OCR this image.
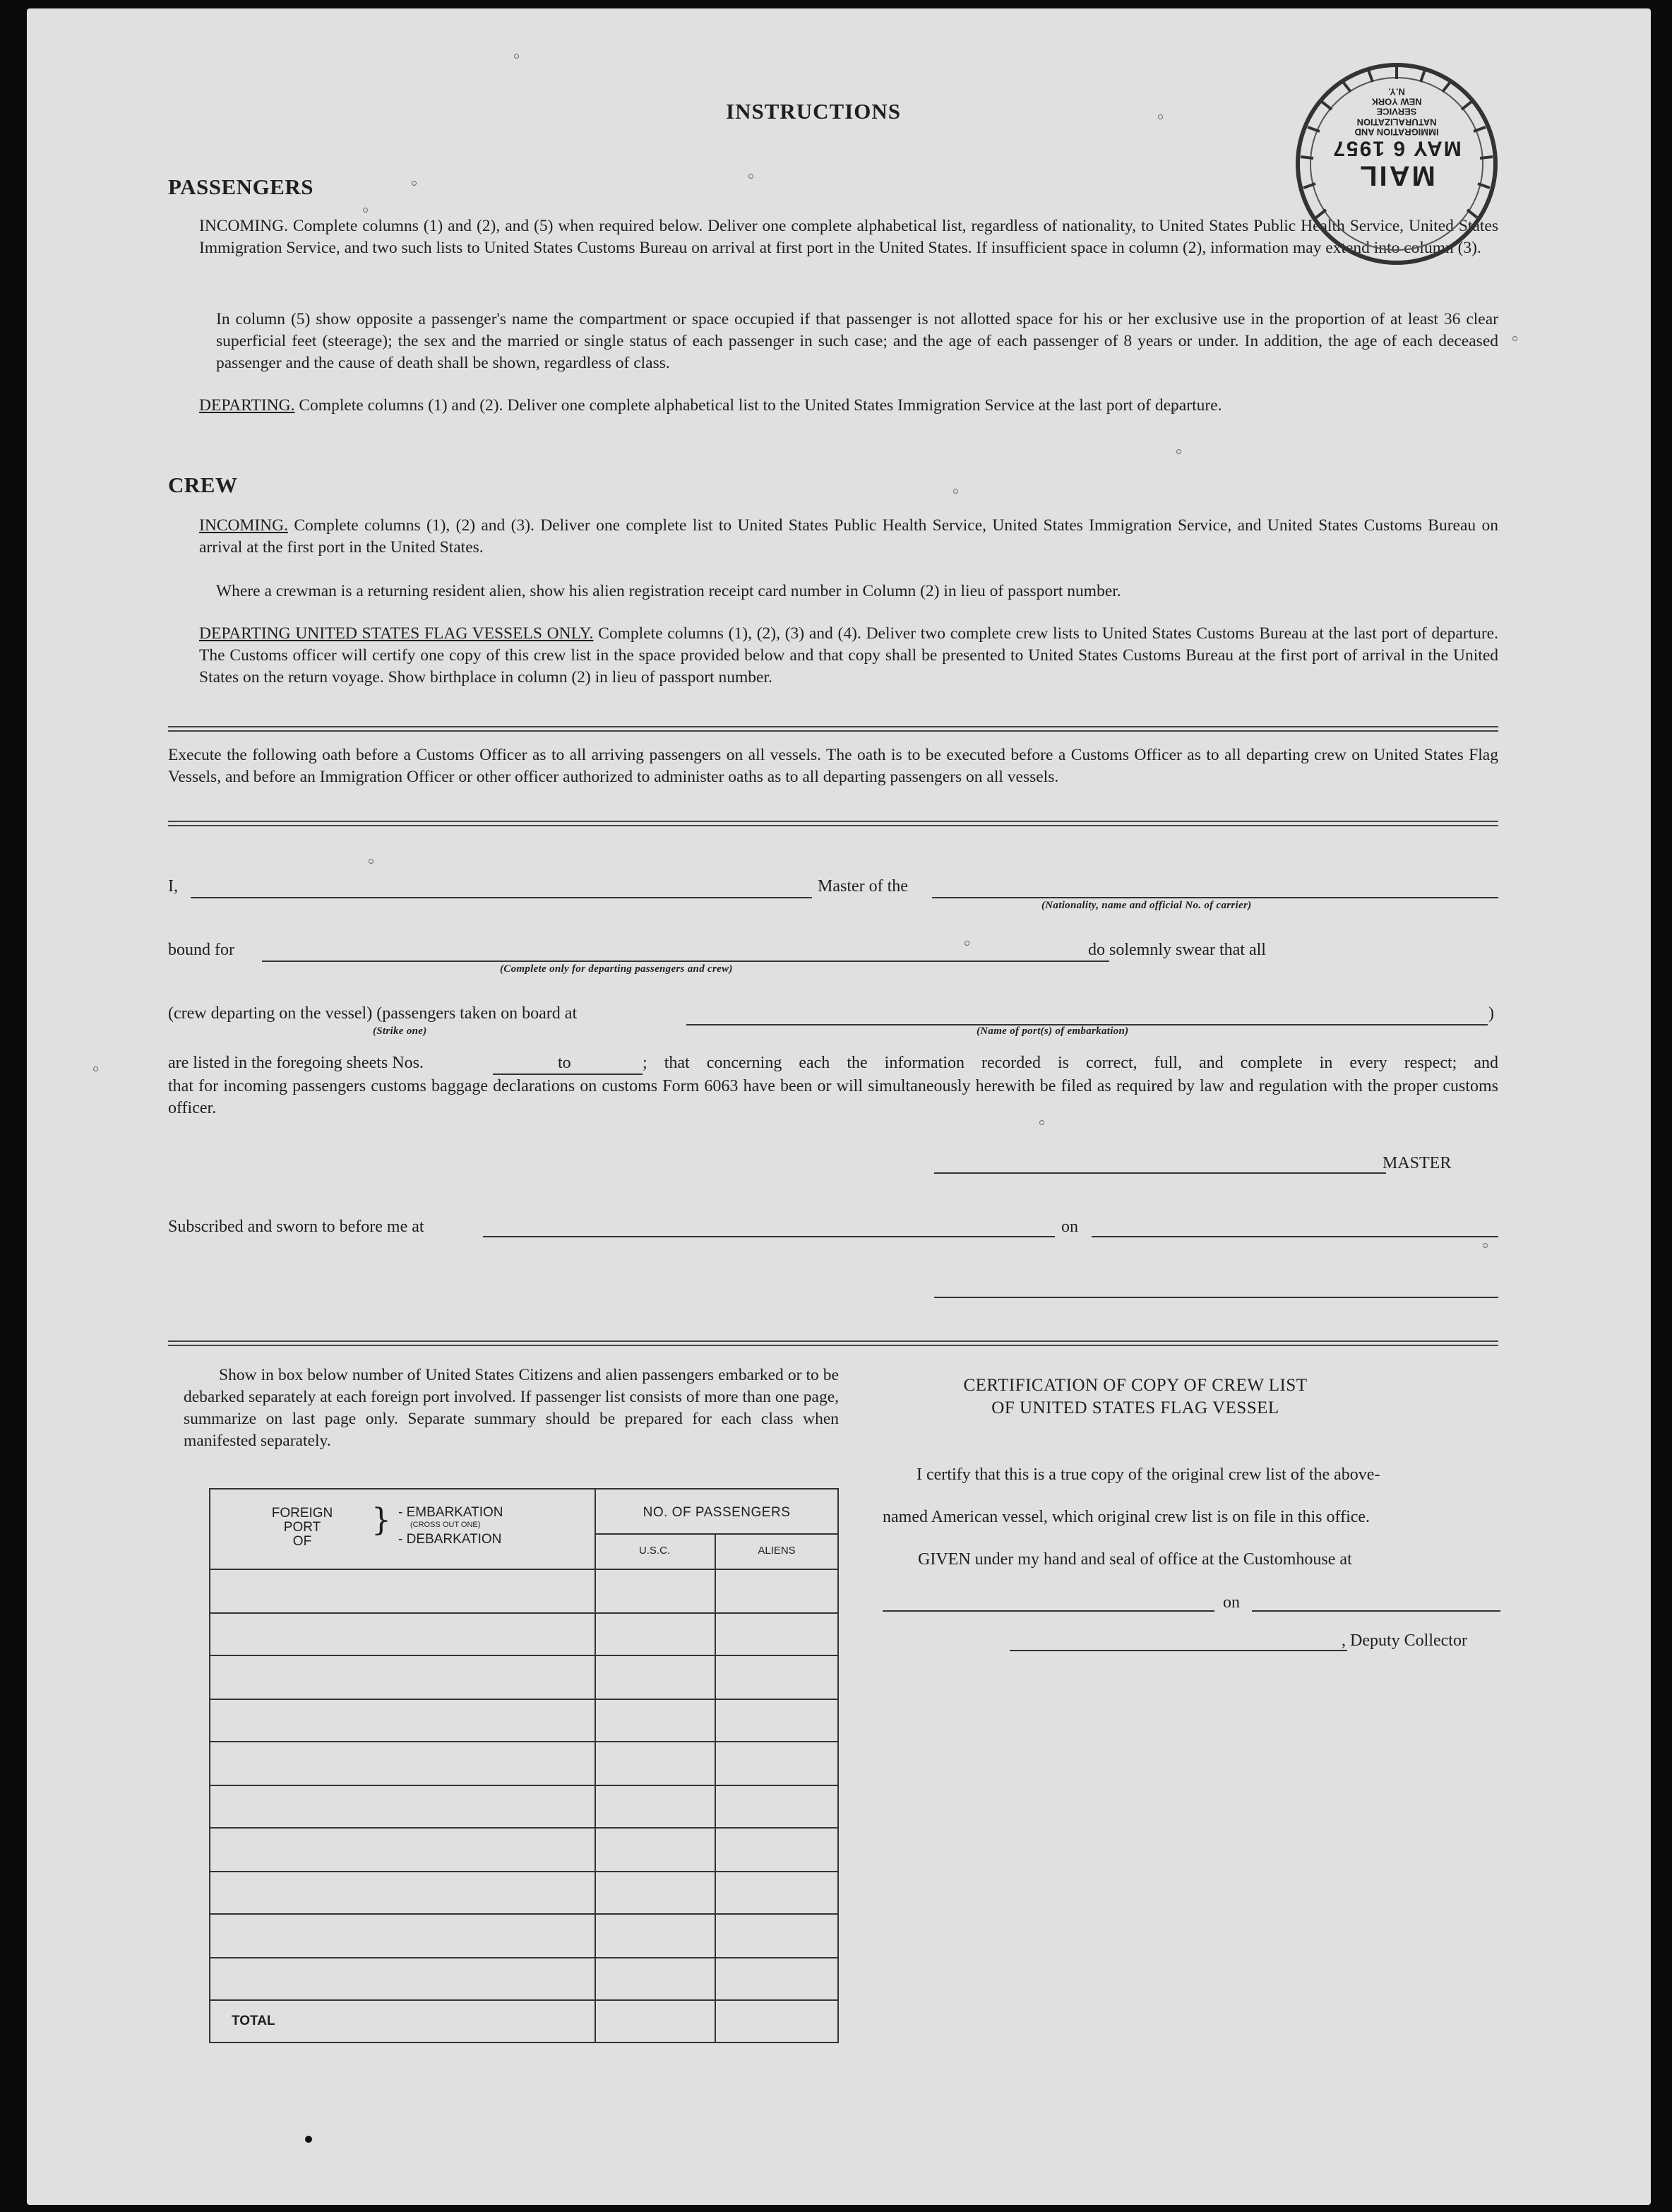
INSTRUCTIONS
PASSENGERS
INCOMING. Complete columns (1) and (2), and (5) when required below. Deliver one complete alphabetical list, regardless of nationality, to United States Public Health Service, United States Immigration Service, and two such lists to United States Customs Bureau on arrival at first port in the United States. If insufficient space in column (2), information may extend into column (3).
In column (5) show opposite a passenger's name the compartment or space occupied if that passenger is not allotted space for his or her exclusive use in the proportion of at least 36 clear superficial feet (steerage); the sex and the married or single status of each passenger in such case; and the age of each passenger of 8 years or under. In addition, the age of each deceased passenger and the cause of death shall be shown, regardless of class.
DEPARTING. Complete columns (1) and (2). Deliver one complete alphabetical list to the United States Immigration Service at the last port of departure.
CREW
INCOMING. Complete columns (1), (2) and (3). Deliver one complete list to United States Public Health Service, United States Immigration Service, and United States Customs Bureau on arrival at the first port in the United States.
Where a crewman is a returning resident alien, show his alien registration receipt card number in Column (2) in lieu of passport number.
DEPARTING UNITED STATES FLAG VESSELS ONLY. Complete columns (1), (2), (3) and (4). Deliver two complete crew lists to United States Customs Bureau at the last port of departure. The Customs officer will certify one copy of this crew list in the space provided below and that copy shall be presented to United States Customs Bureau at the first port of arrival in the United States on the return voyage. Show birthplace in column (2) in lieu of passport number.
Execute the following oath before a Customs Officer as to all arriving passengers on all vessels. The oath is to be executed before a Customs Officer as to all departing crew on United States Flag Vessels, and before an Immigration Officer or other officer authorized to administer oaths as to all departing passengers on all vessels.
I,	Master of the
(Nationality, name and official No. of carrier)
bound for
(Complete only for departing passengers and crew)
do solemnly swear that all
(crew departing on the vessel) (passengers taken on board at	)
(Strike one)	(Name of port(s) of embarkation)
are listed in the foregoing sheets Nos.	to	; that concerning each the information recorded is correct, full, and complete in every respect; and
that for incoming passengers customs baggage declarations on customs Form 6063 have been or will simultaneously herewith be filed as required by law and regulation with the proper customs officer.
MASTER
Subscribed and sworn to before me at	on
Show in box below number of United States Citizens and alien passengers embarked or to be debarked separately at each foreign port involved. If passenger list consists of more than one page, summarize on last page only. Separate summary should be prepared for each class when manifested separately.
FOREIGN
PORT
OF
} - EMBARKATION
(CROSS OUT ONE)
- DEBARKATION
NO. OF PASSENGERS
U.S.C.	ALIENS
TOTAL
CERTIFICATION OF COPY OF CREW LIST
OF UNITED STATES FLAG VESSEL
I certify that this is a true copy of the original crew list of the above-
named American vessel, which original crew list is on file in this office.
GIVEN under my hand and seal of office at the Customhouse at
on
, Deputy Collector
MAIL
MAY 6 1957
IMMIGRATION AND
NATURALIZATION
SERVICE
NEW YORK
N.Y.
